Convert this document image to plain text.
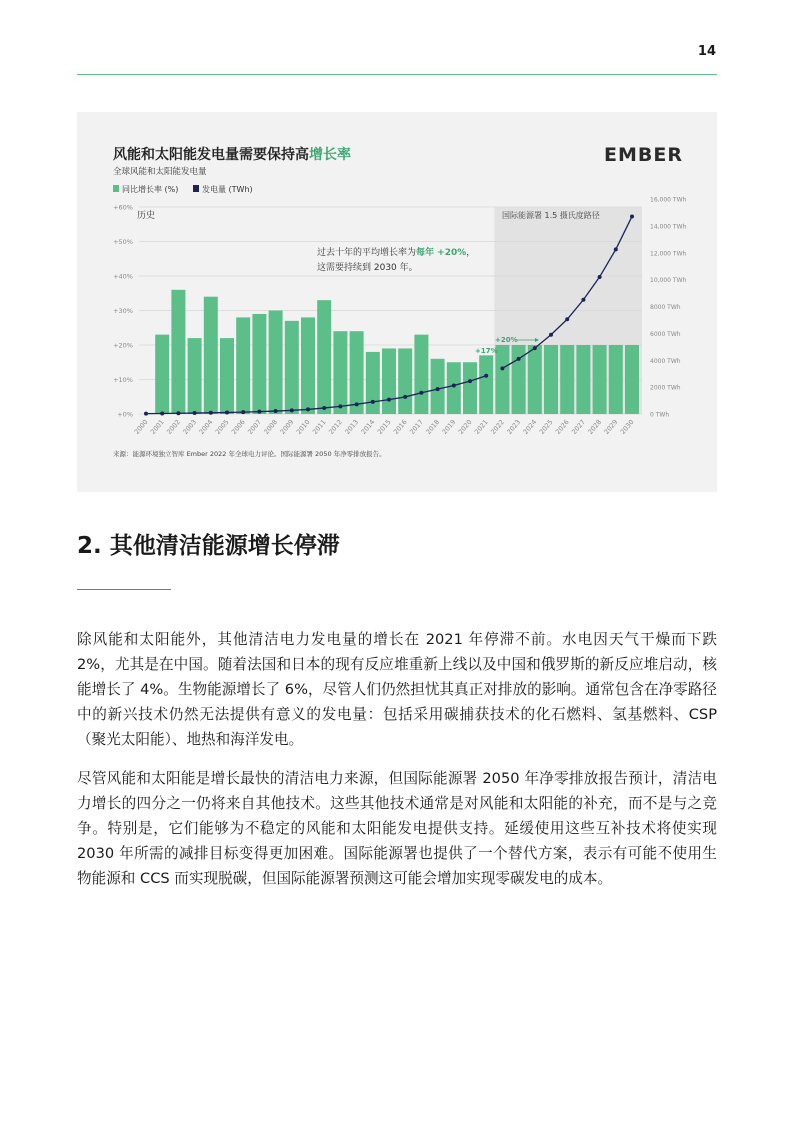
14
风能和太阳能发电量需要保持高增长率
全球风能和太阳能发电量
EMBER
同比增长率 (%)	发电量 (TWh)
+0%
+10%
+20%
+30%
+40%
+50%
+60%
0 TWh
2000 TWh
4000 TWh
6000 TWh
8000 TWh
10,000 TWh
12,000 TWh
14,000 TWh
16,000 TWh
2000 2001 2002 2003 2004 2005 2006 2007 2008 2009 2010 2011 2012 2013 2014 2015 2016 2017 2018 2019 2020 2021 2022 2023 2024 2025 2026 2027 2028 2029 2030
历史	国际能源署 1.5 摄氏度路径
过去十年的平均增长率为每年 +20%，
这需要持续到 2030 年。
+17%
+20%
来源：能源环境独立智库 Ember 2022 年全球电力评论。国际能源署 2050 年净零排放报告。
2. 其他清洁能源增长停滞

除风能和太阳能外，其他清洁电力发电量的增长在 2021 年停滞不前。水电因天气干燥而下跌 2%，尤其是在中国。随着法国和日本的现有反应堆重新上线以及中国和俄罗斯的新反应堆启动，核能增长了 4%。生物能源增长了 6%，尽管人们仍然担忧其真正对排放的影响。通常包含在净零路径中的新兴技术仍然无法提供有意义的发电量：包括采用碳捕获技术的化石燃料、氢基燃料、CSP（聚光太阳能）、地热和海洋发电。

尽管风能和太阳能是增长最快的清洁电力来源，但国际能源署 2050 年净零排放报告预计，清洁电力增长的四分之一仍将来自其他技术。这些其他技术通常是对风能和太阳能的补充，而不是与之竞争。特别是，它们能够为不稳定的风能和太阳能发电提供支持。延缓使用这些互补技术将使实现 2030 年所需的减排目标变得更加困难。国际能源署也提供了一个替代方案，表示有可能不使用生物能源和 CCS 而实现脱碳，但国际能源署预测这可能会增加实现零碳发电的成本。
